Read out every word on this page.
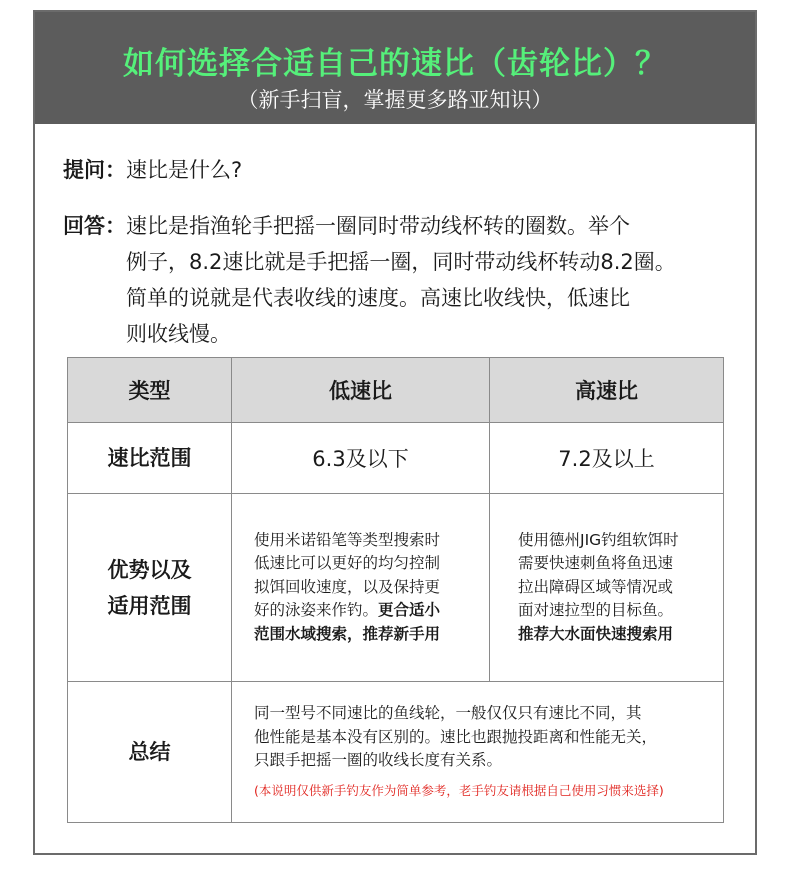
如何选择合适自己的速比（齿轮比）？
（新手扫盲，掌握更多路亚知识）
提问：速比是什么?
回答： 速比是指渔轮手把摇一圈同时带动线杯转的圈数。举个
例子，8.2速比就是手把摇一圈，同时带动线杯转动8.2圈。
简单的说就是代表收线的速度。高速比收线快，低速比
则收线慢。
类型	低速比	高速比
速比范围	6.3及以下	7.2及以上

优势以及
适用范围	使用米诺铅笔等类型搜索时
低速比可以更好的均匀控制
拟饵回收速度，以及保持更
好的泳姿来作钓。更合适小
范围水域搜索，推荐新手用	使用德州JIG钓组软饵时
需要快速刺鱼将鱼迅速
拉出障碍区域等情况或
面对速拉型的目标鱼。
推荐大水面快速搜索用

总结	同一型号不同速比的鱼线轮，一般仅仅只有速比不同，其
他性能是基本没有区别的。速比也跟抛投距离和性能无关，
只跟手把摇一圈的收线长度有关系。
(本说明仅供新手钓友作为简单参考，老手钓友请根据自己使用习惯来选择)	
